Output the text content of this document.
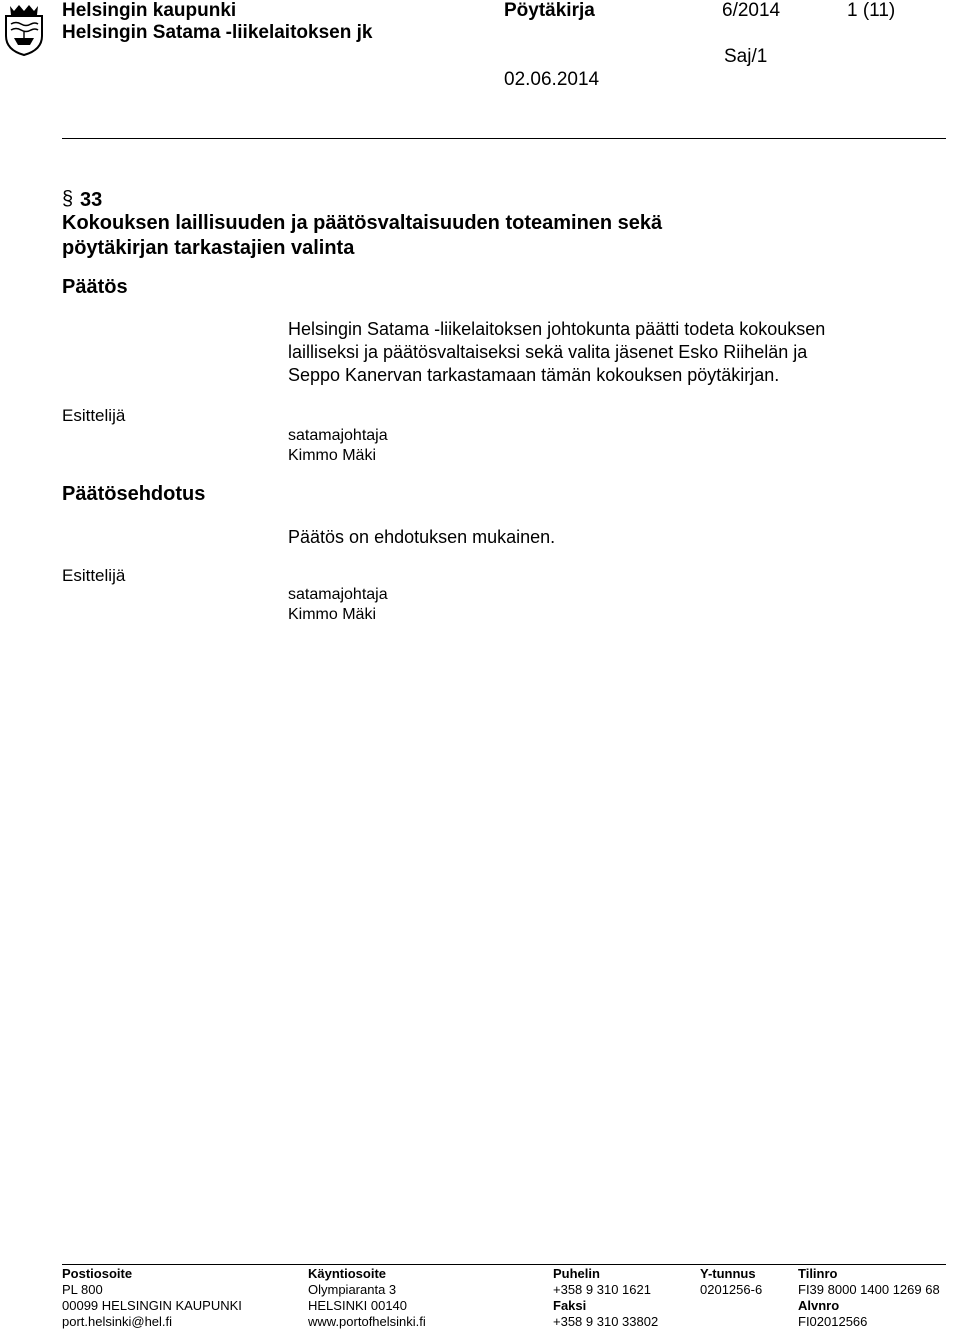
Helsingin kaupunki
Helsingin Satama -liikelaitoksen jk
Pöytäkirja	6/2014	1 (11)
Saj/1
02.06.2014
§ 33
Kokouksen laillisuuden ja päätösvaltaisuuden toteaminen sekä
pöytäkirjan tarkastajien valinta
Päätös
Helsingin Satama -liikelaitoksen johtokunta päätti todeta kokouksen
lailliseksi ja päätösvaltaiseksi sekä valita jäsenet Esko Riihelän ja
Seppo Kanervan tarkastamaan tämän kokouksen pöytäkirjan.
Esittelijä
satamajohtaja
Kimmo Mäki
Päätösehdotus
Päätös on ehdotuksen mukainen.
Esittelijä
satamajohtaja
Kimmo Mäki
Postiosoite
PL 800
00099 HELSINGIN KAUPUNKI
port.helsinki@hel.fi
Käyntiosoite
Olympiaranta 3
HELSINKI 00140
www.portofhelsinki.fi
Puhelin
+358 9 310 1621
Faksi
+358 9 310 33802
Y-tunnus
0201256-6
Tilinro
FI39 8000 1400 1269 68
Alvnro
FI02012566
